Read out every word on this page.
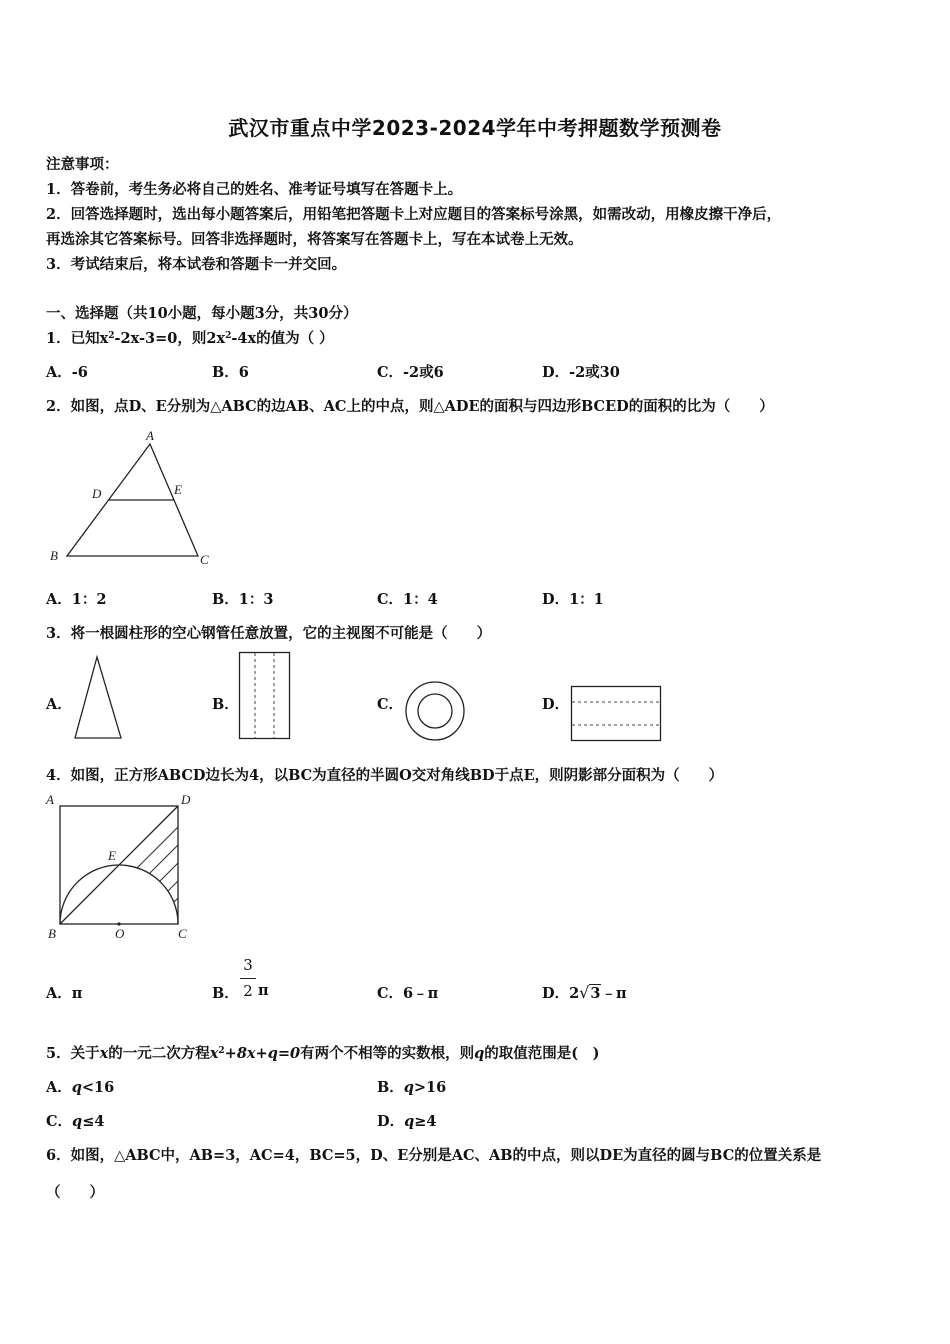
武汉市重点中学2023-2024学年中考押题数学预测卷
注意事项：
1．答卷前，考生务必将自己的姓名、准考证号填写在答题卡上。
2．回答选择题时，选出每小题答案后，用铅笔把答题卡上对应题目的答案标号涂黑，如需改动，用橡皮擦干净后，
再选涂其它答案标号。回答非选择题时，将答案写在答题卡上，写在本试卷上无效。
3．考试结束后，将本试卷和答题卡一并交回。
一、选择题（共10小题，每小题3分，共30分）
1．已知$x^2-2x-3=0$，则$2x^2-4x$的值为（ ）
A．-6	B．6	C．-2或6	D．-2或30
2．如图，点D、E分别为△ABC的边AB、AC上的中点，则△ADE的面积与四边形BCED的面积的比为（　　）
A
D	E
B	C
A．1：2	B．1：3	C．1：4	D．1：1
3．将一根圆柱形的空心钢管任意放置，它的主视图不可能是（　　）
A．	B．	C．	D．
4．如图，正方形ABCD边长为4，以BC为直径的半圆O交对角线BD于点E，则阴影部分面积为（　　）
A	D
E
B	O	C
A．π	B．
3
2 π	C．6﹣π	D．2√3﹣π
5．关于x的一元二次方程$x^2+8x+q=0$有两个不相等的实数根，则q的取值范围是(　)
A．q<16	B．q>16
C．q≤4	D．q≥4
6．如图，△ABC中，AB=3，AC=4，BC=5，D、E分别是AC、AB的中点，则以DE为直径的圆与BC的位置关系是
（　　）
